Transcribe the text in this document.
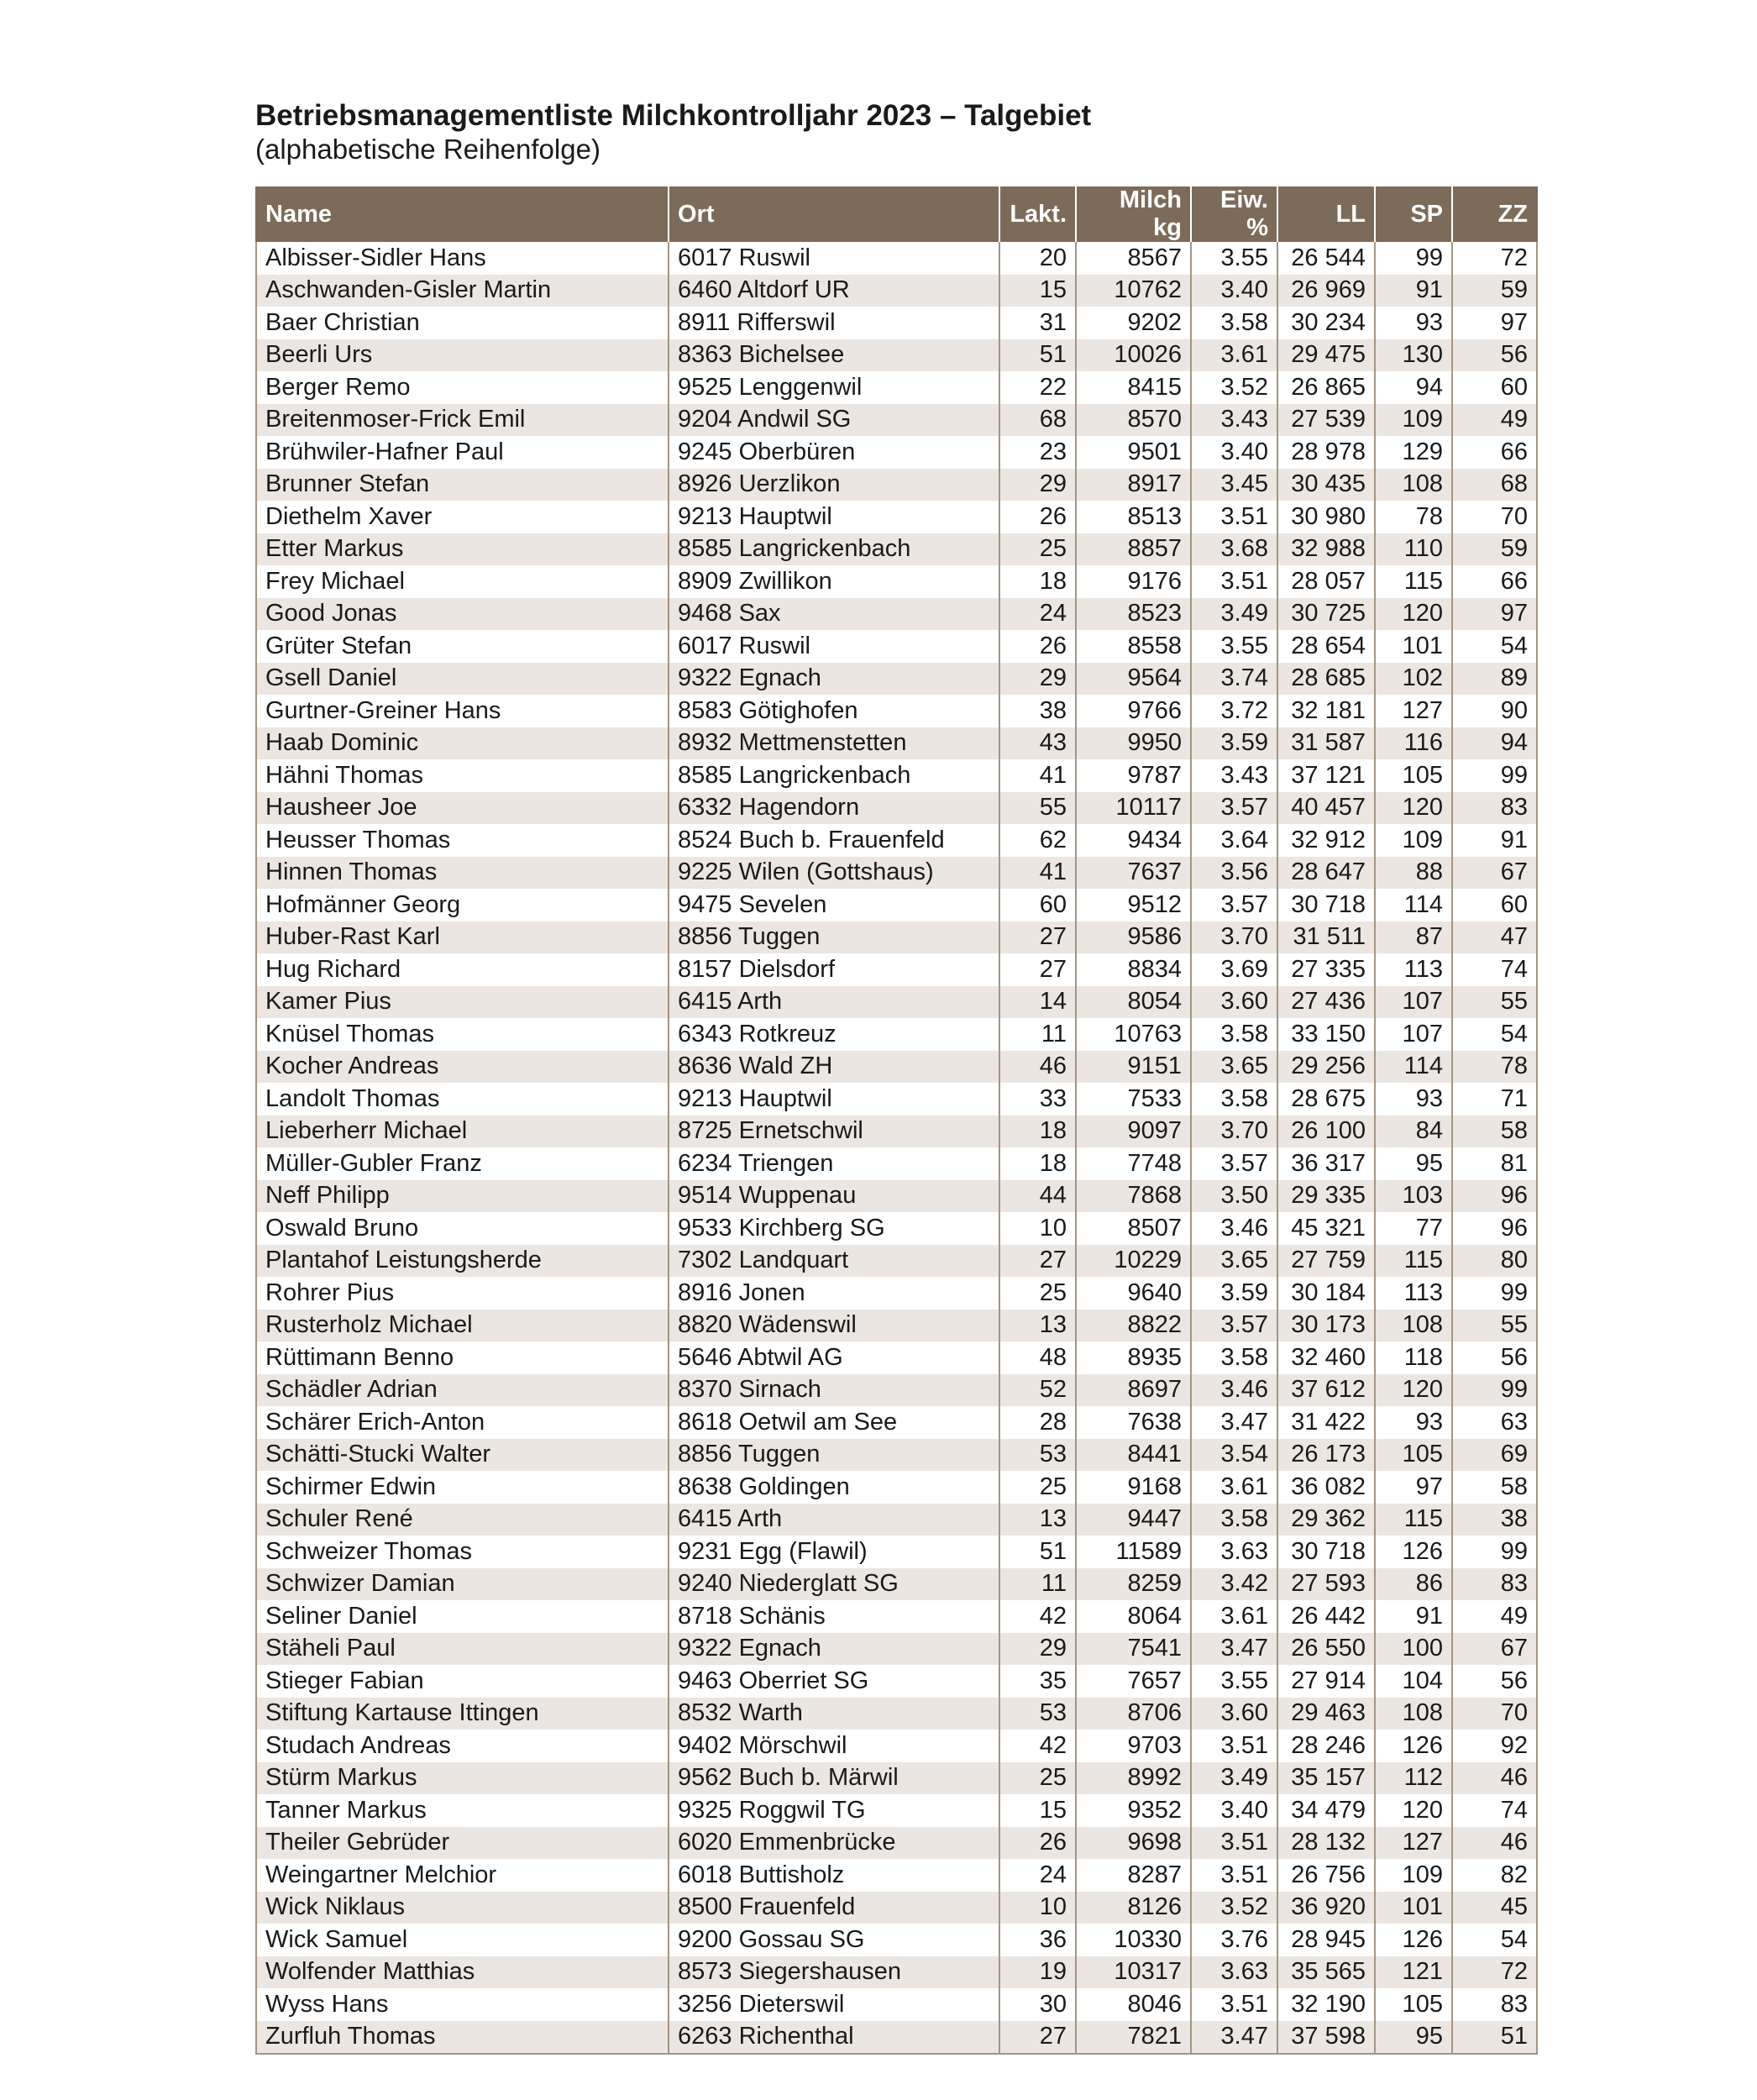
Betriebsmanagementliste Milchkontrolljahr 2023 – Talgebiet
(alphabetische Reihenfolge)
Name	Ort	Lakt.	Milch kg	Eiw. %	LL	SP	ZZ
Albisser-Sidler Hans	6017 Ruswil	20	8567	3.55	26 544	99	72
Aschwanden-Gisler Martin	6460 Altdorf UR	15	10762	3.40	26 969	91	59
Baer Christian	8911 Rifferswil	31	9202	3.58	30 234	93	97
Beerli Urs	8363 Bichelsee	51	10026	3.61	29 475	130	56
Berger Remo	9525 Lenggenwil	22	8415	3.52	26 865	94	60
Breitenmoser-Frick Emil	9204 Andwil SG	68	8570	3.43	27 539	109	49
Brühwiler-Hafner Paul	9245 Oberbüren	23	9501	3.40	28 978	129	66
Brunner Stefan	8926 Uerzlikon	29	8917	3.45	30 435	108	68
Diethelm Xaver	9213 Hauptwil	26	8513	3.51	30 980	78	70
Etter Markus	8585 Langrickenbach	25	8857	3.68	32 988	110	59
Frey Michael	8909 Zwillikon	18	9176	3.51	28 057	115	66
Good Jonas	9468 Sax	24	8523	3.49	30 725	120	97
Grüter Stefan	6017 Ruswil	26	8558	3.55	28 654	101	54
Gsell Daniel	9322 Egnach	29	9564	3.74	28 685	102	89
Gurtner-Greiner Hans	8583 Götighofen	38	9766	3.72	32 181	127	90
Haab Dominic	8932 Mettmenstetten	43	9950	3.59	31 587	116	94
Hähni Thomas	8585 Langrickenbach	41	9787	3.43	37 121	105	99
Hausheer Joe	6332 Hagendorn	55	10117	3.57	40 457	120	83
Heusser Thomas	8524 Buch b. Frauenfeld	62	9434	3.64	32 912	109	91
Hinnen Thomas	9225 Wilen (Gottshaus)	41	7637	3.56	28 647	88	67
Hofmänner Georg	9475 Sevelen	60	9512	3.57	30 718	114	60
Huber-Rast Karl	8856 Tuggen	27	9586	3.70	31 511	87	47
Hug Richard	8157 Dielsdorf	27	8834	3.69	27 335	113	74
Kamer Pius	6415 Arth	14	8054	3.60	27 436	107	55
Knüsel Thomas	6343 Rotkreuz	11	10763	3.58	33 150	107	54
Kocher Andreas	8636 Wald ZH	46	9151	3.65	29 256	114	78
Landolt Thomas	9213 Hauptwil	33	7533	3.58	28 675	93	71
Lieberherr Michael	8725 Ernetschwil	18	9097	3.70	26 100	84	58
Müller-Gubler Franz	6234 Triengen	18	7748	3.57	36 317	95	81
Neff Philipp	9514 Wuppenau	44	7868	3.50	29 335	103	96
Oswald Bruno	9533 Kirchberg SG	10	8507	3.46	45 321	77	96
Plantahof Leistungsherde	7302 Landquart	27	10229	3.65	27 759	115	80
Rohrer Pius	8916 Jonen	25	9640	3.59	30 184	113	99
Rusterholz Michael	8820 Wädenswil	13	8822	3.57	30 173	108	55
Rüttimann Benno	5646 Abtwil AG	48	8935	3.58	32 460	118	56
Schädler Adrian	8370 Sirnach	52	8697	3.46	37 612	120	99
Schärer Erich-Anton	8618 Oetwil am See	28	7638	3.47	31 422	93	63
Schätti-Stucki Walter	8856 Tuggen	53	8441	3.54	26 173	105	69
Schirmer Edwin	8638 Goldingen	25	9168	3.61	36 082	97	58
Schuler René	6415 Arth	13	9447	3.58	29 362	115	38
Schweizer Thomas	9231 Egg (Flawil)	51	11589	3.63	30 718	126	99
Schwizer Damian	9240 Niederglatt SG	11	8259	3.42	27 593	86	83
Seliner Daniel	8718 Schänis	42	8064	3.61	26 442	91	49
Stäheli Paul	9322 Egnach	29	7541	3.47	26 550	100	67
Stieger Fabian	9463 Oberriet SG	35	7657	3.55	27 914	104	56
Stiftung Kartause Ittingen	8532 Warth	53	8706	3.60	29 463	108	70
Studach Andreas	9402 Mörschwil	42	9703	3.51	28 246	126	92
Stürm Markus	9562 Buch b. Märwil	25	8992	3.49	35 157	112	46
Tanner Markus	9325 Roggwil TG	15	9352	3.40	34 479	120	74
Theiler Gebrüder	6020 Emmenbrücke	26	9698	3.51	28 132	127	46
Weingartner Melchior	6018 Buttisholz	24	8287	3.51	26 756	109	82
Wick Niklaus	8500 Frauenfeld	10	8126	3.52	36 920	101	45
Wick Samuel	9200 Gossau SG	36	10330	3.76	28 945	126	54
Wolfender Matthias	8573 Siegershausen	19	10317	3.63	35 565	121	72
Wyss Hans	3256 Dieterswil	30	8046	3.51	32 190	105	83
Zurfluh Thomas	6263 Richenthal	27	7821	3.47	37 598	95	51
